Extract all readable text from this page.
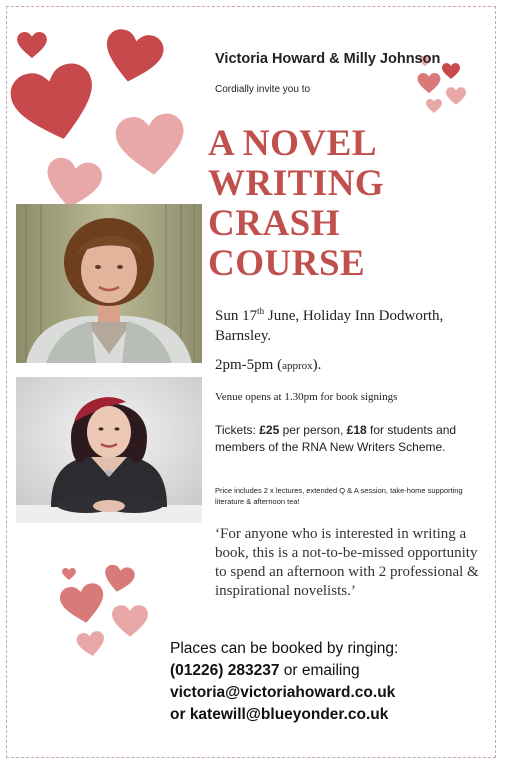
Victoria Howard & Milly Johnson
Cordially invite you to
A NOVEL
WRITING
CRASH
COURSE
Sun 17th June, Holiday Inn Dodworth, Barnsley.
2pm-5pm (approx).
Venue opens at 1.30pm for book signings
Tickets: £25 per person, £18 for students and members of the RNA New Writers Scheme.
Price includes 2 x lectures, extended Q & A session, take-home supporting literature & afternoon tea!
‘For anyone who is interested in writing a book, this is a not-to-be-missed opportunity to spend an afternoon with 2 professional & inspirational novelists.’
Places can be booked by ringing:
(01226) 283237 or emailing
victoria@victoriahoward.co.uk
or katewill@blueyonder.co.uk
